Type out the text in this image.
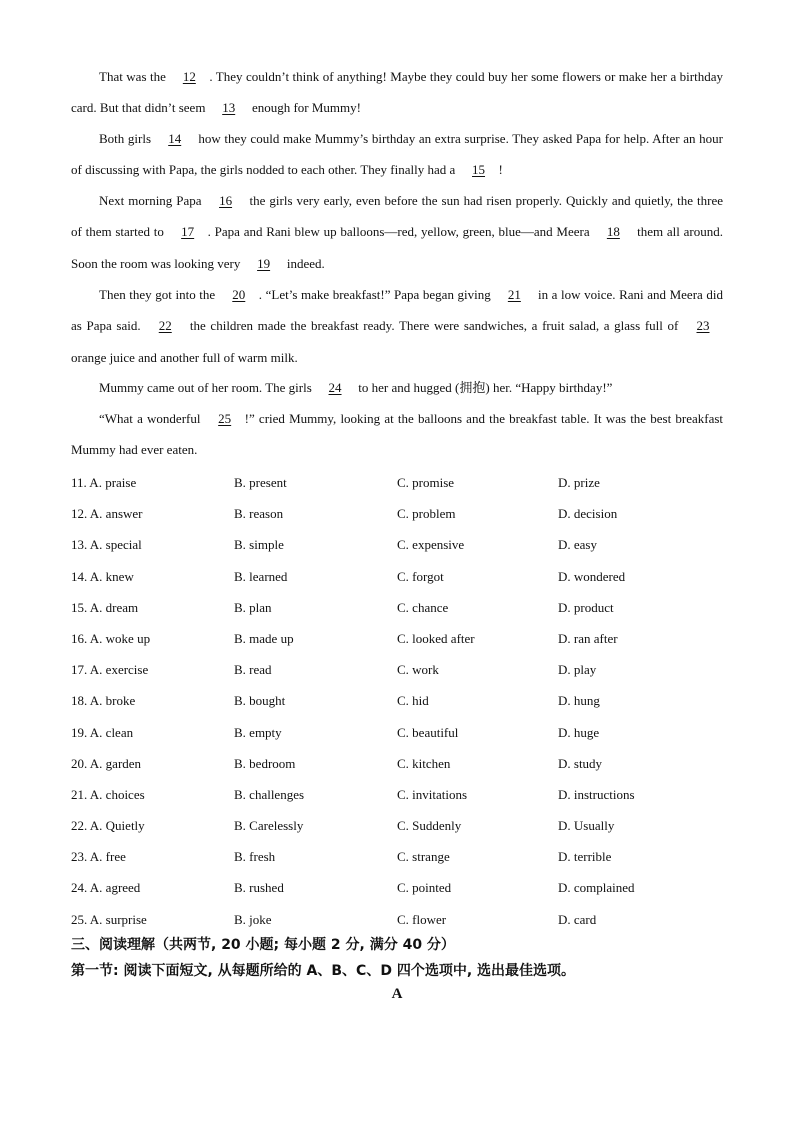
That was the 12 . They couldn’t think of anything! Maybe they could buy her some flowers or make her a birthday card. But that didn’t seem 13 enough for Mummy!

Both girls 14 how they could make Mummy’s birthday an extra surprise. They asked Papa for help. After an hour of discussing with Papa, the girls nodded to each other. They finally had a 15 !

Next morning Papa 16 the girls very early, even before the sun had risen properly. Quickly and quietly, the three of them started to 17 . Papa and Rani blew up balloons—red, yellow, green, blue—and Meera 18 them all around. Soon the room was looking very 19 indeed.

Then they got into the 20 . “Let’s make breakfast!” Papa began giving 21 in a low voice. Rani and Meera did as Papa said. 22 the children made the breakfast ready. There were sandwiches, a fruit salad, a glass full of 23 orange juice and another full of warm milk.

Mummy came out of her room. The girls 24 to her and hugged (拥抱) her. “Happy birthday!”

“What a wonderful 25 !” cried Mummy, looking at the balloons and the breakfast table. It was the best breakfast Mummy had ever eaten.

11. A. praise	B. present	C. promise	D. prize
12. A. answer	B. reason	C. problem	D. decision
13. A. special	B. simple	C. expensive	D. easy
14. A. knew	B. learned	C. forgot	D. wondered
15. A. dream	B. plan	C. chance	D. product
16. A. woke up	B. made up	C. looked after	D. ran after
17. A. exercise	B. read	C. work	D. play
18. A. broke	B. bought	C. hid	D. hung
19. A. clean	B. empty	C. beautiful	D. huge
20. A. garden	B. bedroom	C. kitchen	D. study
21. A. choices	B. challenges	C. invitations	D. instructions
22. A. Quietly	B. Carelessly	C. Suddenly	D. Usually
23. A. free	B. fresh	C. strange	D. terrible
24. A. agreed	B. rushed	C. pointed	D. complained
25. A. surprise	B. joke	C. flower	D. card
三、阅读理解（共两节, 20 小题; 每小题 2 分, 满分 40 分）
第一节: 阅读下面短文, 从每题所给的 A、B、C、D 四个选项中, 选出最佳选项。
A
